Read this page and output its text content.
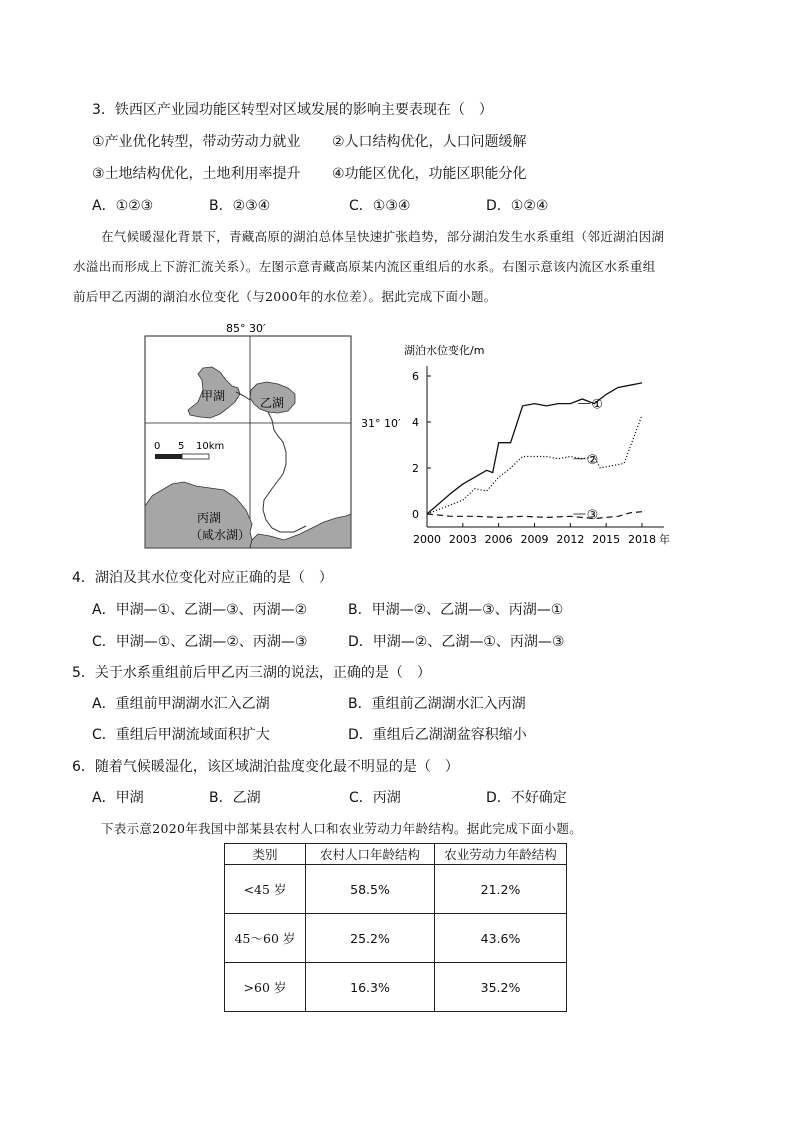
3．铁西区产业园功能区转型对区域发展的影响主要表现在（　）
①产业优化转型，带动劳动力就业 ②人口结构优化，人口问题缓解
③土地结构优化，土地利用率提升 ④功能区优化，功能区职能分化
A．①②③	B．②③④	C．①③④	D．①②④
在气候暖湿化背景下，青藏高原的湖泊总体呈快速扩张趋势，部分湖泊发生水系重组（邻近湖泊因湖
水溢出而形成上下游汇流关系）。左图示意青藏高原某内流区重组后的水系。右图示意该内流区水系重组
前后甲乙丙湖的湖泊水位变化（与2000年的水位差）。据此完成下面小题。
85° 30′
31° 10′
甲湖	乙湖
丙湖
（咸水湖）
0 5 10km
湖泊水位变化/m
0
2
4
6
2000 2003 2006 2009 2012 2015 2018 年
①
②
③
4．湖泊及其水位变化对应正确的是（　）
A．甲湖—①、乙湖—③、丙湖—②	B．甲湖—②、乙湖—③、丙湖—①
C．甲湖—①、乙湖—②、丙湖—③	D．甲湖—②、乙湖—①、丙湖—③
5．关于水系重组前后甲乙丙三湖的说法，正确的是（　）
A．重组前甲湖湖水汇入乙湖	B．重组前乙湖湖水汇入丙湖
C．重组后甲湖流域面积扩大	D．重组后乙湖湖盆容积缩小
6．随着气候暖湿化，该区域湖泊盐度变化最不明显的是（　）
A．甲湖	B．乙湖	C．丙湖	D．不好确定
下表示意2020年我国中部某县农村人口和农业劳动力年龄结构。据此完成下面小题。
类别	农村人口年龄结构	农业劳动力年龄结构
<45 岁	58.5%	21.2%
45～60 岁	25.2%	43.6%
>60 岁	16.3%	35.2%
